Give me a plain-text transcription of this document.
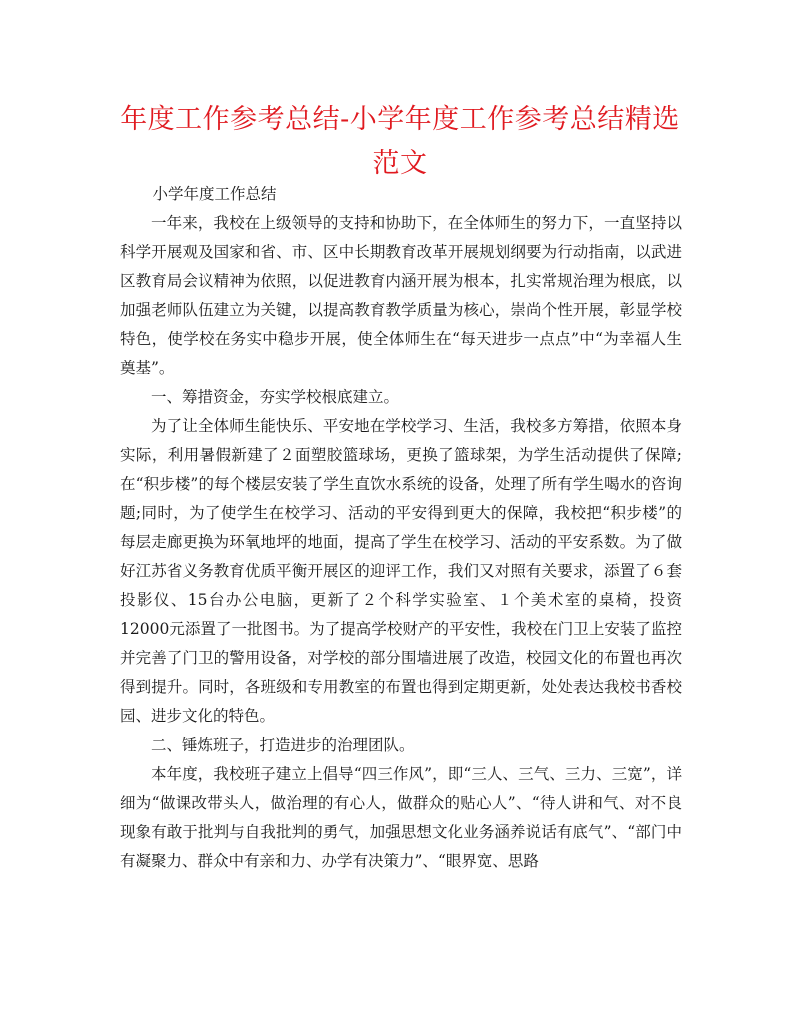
年度工作参考总结-小学年度工作参考总结精选范文

小学年度工作总结

一年来，我校在上级领导的支持和协助下，在全体师生的努力下，一直坚持以科学开展观及国家和省、市、区中长期教育改革开展规划纲要为行动指南，以武进区教育局会议精神为依照，以促进教育内涵开展为根本，扎实常规治理为根底，以加强老师队伍建立为关键，以提高教育教学质量为核心，崇尚个性开展，彰显学校特色，使学校在务实中稳步开展，使全体师生在“每天进步一点点”中“为幸福人生奠基”。

一、筹措资金，夯实学校根底建立。

为了让全体师生能快乐、平安地在学校学习、生活，我校多方筹措，依照本身实际，利用暑假新建了２面塑胶篮球场，更换了篮球架，为学生活动提供了保障;在“积步楼”的每个楼层安装了学生直饮水系统的设备，处理了所有学生喝水的咨询题;同时，为了使学生在校学习、活动的平安得到更大的保障，我校把“积步楼”的每层走廊更换为环氧地坪的地面，提高了学生在校学习、活动的平安系数。为了做好江苏省义务教育优质平衡开展区的迎评工作，我们又对照有关要求，添置了６套投影仪、15台办公电脑，更新了２个科学实验室、１个美术室的桌椅，投资12000元添置了一批图书。为了提高学校财产的平安性，我校在门卫上安装了监控并完善了门卫的警用设备，对学校的部分围墙进展了改造，校园文化的布置也再次得到提升。同时，各班级和专用教室的布置也得到定期更新，处处表达我校书香校园、进步文化的特色。

二、锤炼班子，打造进步的治理团队。

本年度，我校班子建立上倡导“四三作风”，即“三人、三气、三力、三宽”，详细为“做课改带头人，做治理的有心人，做群众的贴心人”、“待人讲和气、对不良现象有敢于批判与自我批判的勇气，加强思想文化业务涵养说话有底气”、“部门中有凝聚力、群众中有亲和力、办学有决策力”、“眼界宽、思路
